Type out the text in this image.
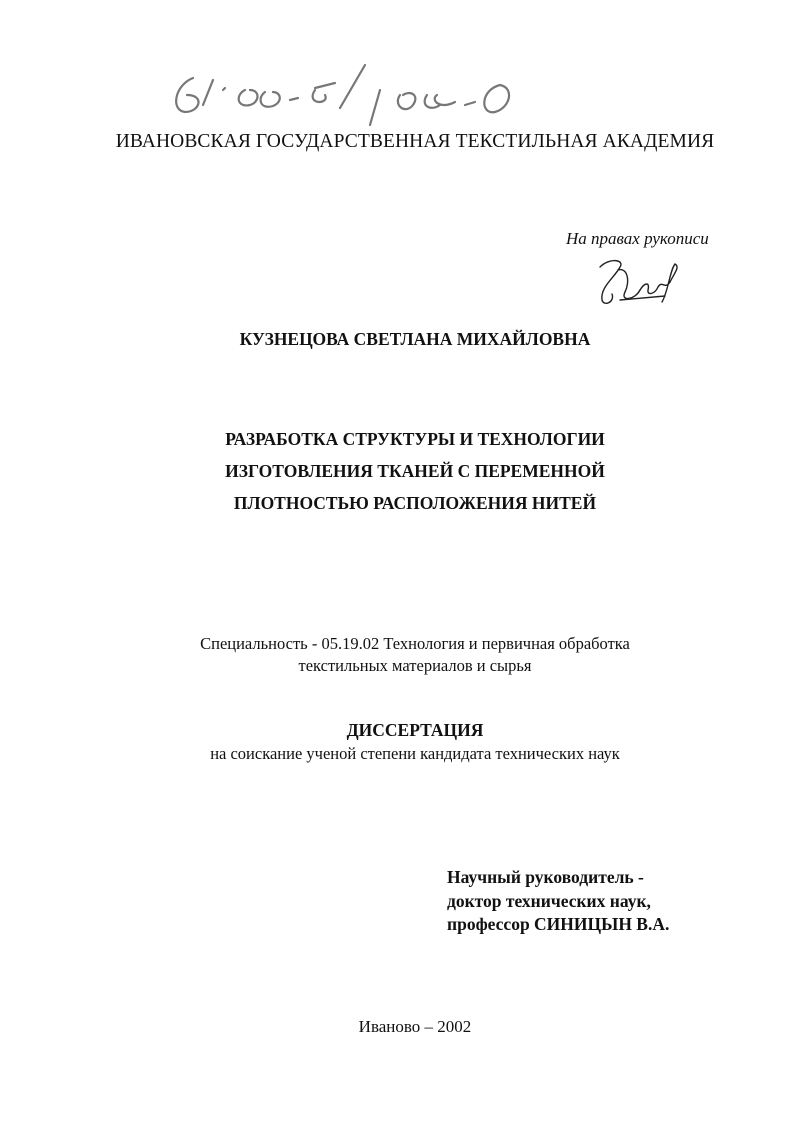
ИВАНОВСКАЯ ГОСУДАРСТВЕННАЯ ТЕКСТИЛЬНАЯ АКАДЕМИЯ
На правах рукописи
КУЗНЕЦОВА СВЕТЛАНА МИХАЙЛОВНА
РАЗРАБОТКА СТРУКТУРЫ И ТЕХНОЛОГИИ
ИЗГОТОВЛЕНИЯ ТКАНЕЙ С ПЕРЕМЕННОЙ
ПЛОТНОСТЬЮ РАСПОЛОЖЕНИЯ НИТЕЙ
Специальность - 05.19.02 Технология и первичная обработка
текстильных материалов и сырья
ДИССЕРТАЦИЯ
на соискание ученой степени кандидата технических наук
Научный руководитель -
доктор технических наук,
профессор СИНИЦЫН В.А.
Иваново – 2002
